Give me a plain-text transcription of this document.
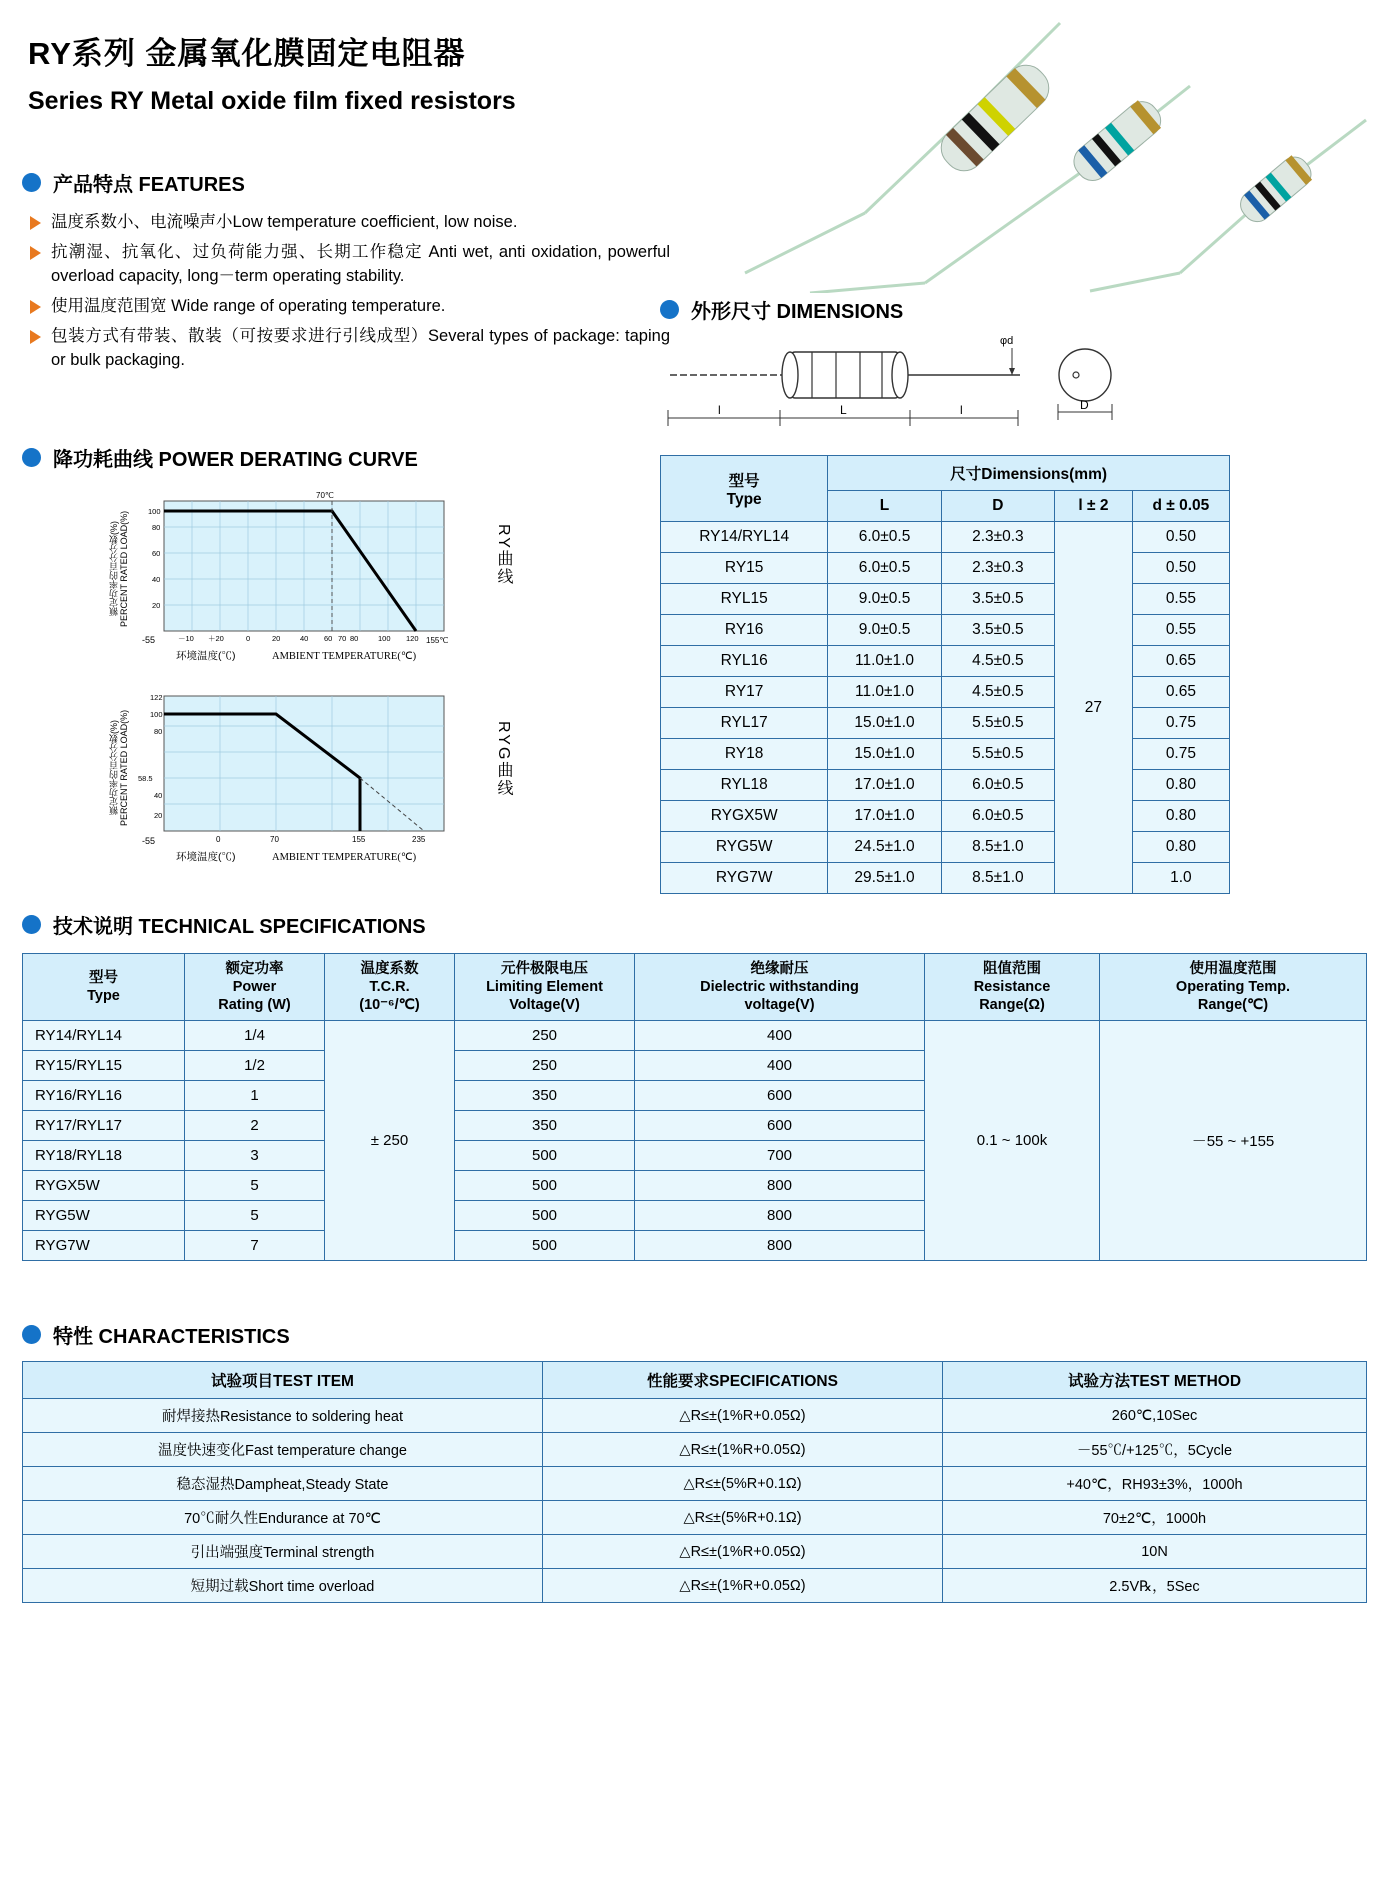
RY系列 金属氧化膜固定电阻器
Series RY Metal oxide film fixed resistors
产品特点 FEATURES
温度系数小、电流噪声小Low temperature coefficient, low noise.
抗潮湿、抗氧化、过负荷能力强、长期工作稳定 Anti wet, anti oxidation, powerful overload capacity, long－term operating stability.
使用温度范围宽 Wide range of operating temperature.
包装方式有带装、散装（可按要求进行引线成型）Several types of package: taping or bulk packaging.
外形尺寸 DIMENSIONS
φd
l	L	l	D
型号
Type	尺寸Dimensions(mm)			
	L	D	l ± 2	d ± 0.05
RY14/RYL14	6.0±0.5	2.3±0.3	27	0.50
RY15	6.0±0.5	2.3±0.3		0.50
RYL15	9.0±0.5	3.5±0.5		0.55
RY16	9.0±0.5	3.5±0.5		0.55
RYL16	11.0±1.0	4.5±0.5		0.65
RY17	11.0±1.0	4.5±0.5		0.65
RYL17	15.0±1.0	5.5±0.5		0.75
RY18	15.0±1.0	5.5±0.5		0.75
RYL18	17.0±1.0	6.0±0.5		0.80
RYGX5W	17.0±1.0	6.0±0.5		0.80
RYG5W	24.5±1.0	8.5±1.0		0.80
RYG7W	29.5±1.0	8.5±1.0		1.0
降功耗曲线 POWER DERATING CURVE
额定功率的百分分数(%) PERCENT RATED LOAD(%)
70℃
100
80
60
40
20
-55	－10 ＋20	0	20	40 60 70 80	100 120 155℃
环境温度(℃)	AMBIENT TEMPERATURE(℃)
RY曲线
额定功率的百分分数(%) PERCENT RATED LOAD(%)
122
100
80
58.5 .
40
20
-55	0	70	155	235
环境温度(℃)	AMBIENT TEMPERATURE(℃)
RYG曲线
技术说明 TECHNICAL SPECIFICATIONS
型号
Type

额定功率
Power
Rating (W)

温度系数
T.C.R.
(10⁻⁶/℃)

元件极限电压
Limiting Element
Voltage(V)

绝缘耐压
Dielectric withstanding
voltage(V)

阻值范围
Resistance
Range(Ω)

使用温度范围
Operating Temp.
Range(℃)

RY14/RYL14	1/4	± 250	250	400	0.1 ~ 100k	－55 ~ +155
RY15/RYL15	1/2		250	400		
RY16/RYL16	1		350	600		
RY17/RYL17	2		350	600		
RY18/RYL18	3		500	700		
RYGX5W	5		500	800		
RYG5W	5		500	800		
RYG7W	7		500	800		
特性 CHARACTERISTICS
试验项目TEST ITEM	性能要求SPECIFICATIONS	试验方法TEST METHOD
耐焊接热Resistance to soldering heat	△R≤±(1%R+0.05Ω)	260℃,10Sec
温度快速变化Fast temperature change	△R≤±(1%R+0.05Ω)	－55℃/+125℃，5Cycle
稳态湿热Dampheat,Steady State	△R≤±(5%R+0.1Ω)	+40℃，RH93±3%，1000h
70℃耐久性Endurance at 70℃	△R≤±(5%R+0.1Ω)	70±2℃，1000h
引出端强度Terminal strength	△R≤±(1%R+0.05Ω)	10N
短期过载Short time overload	△R≤±(1%R+0.05Ω)	2.5V℞，5Sec
